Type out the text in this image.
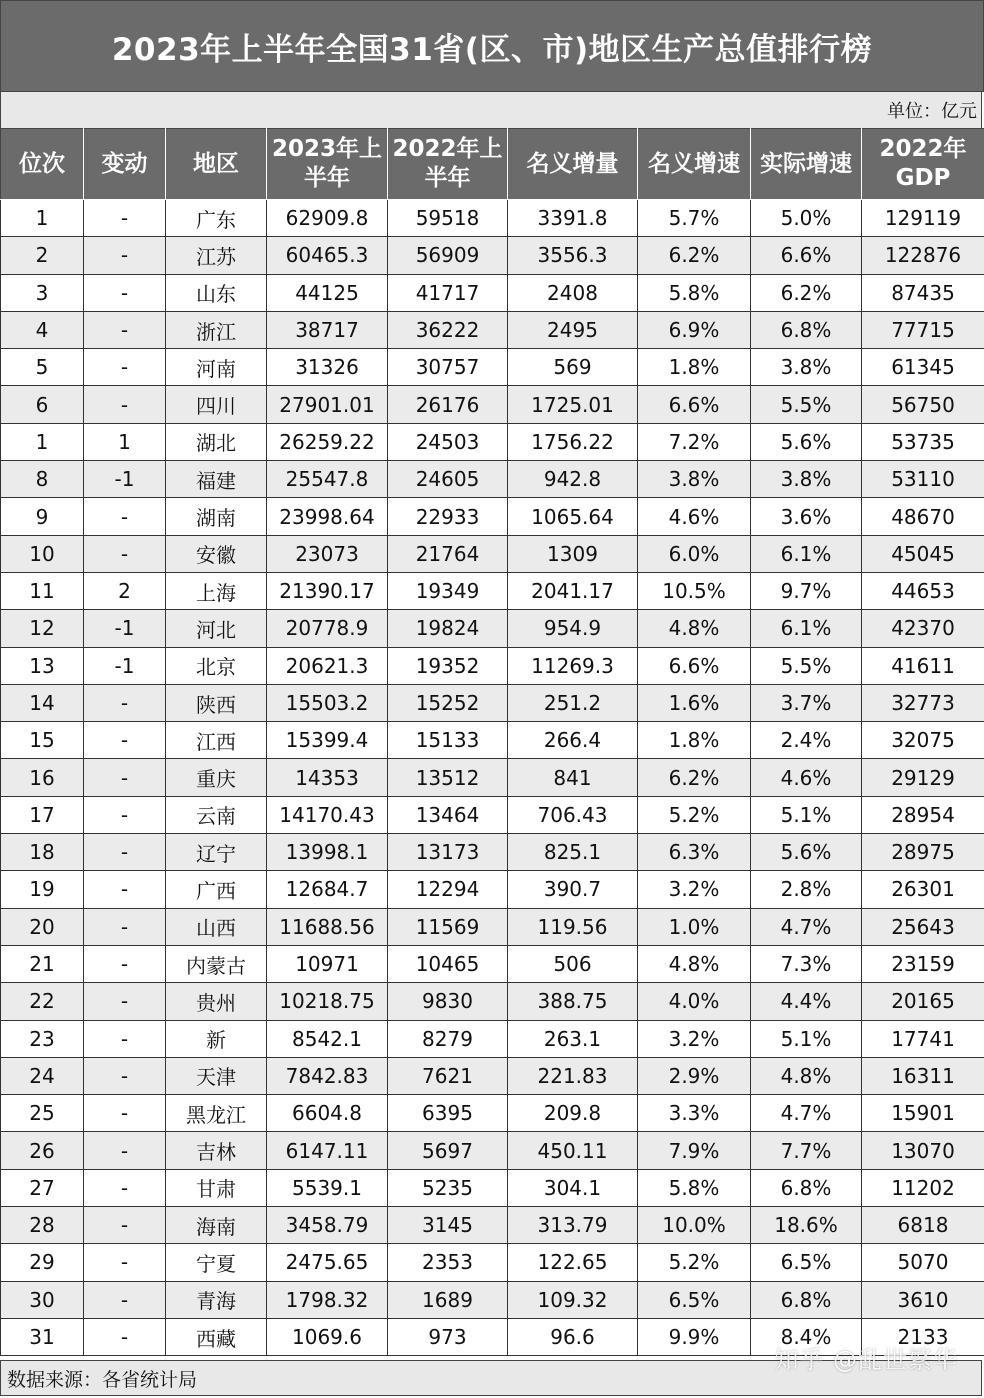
2023年上半年全国31省(区、市)地区生产总值排行榜
单位：亿元
位次	变动	地区	2023年上半年	2022年上半年	名义增量	名义增速	实际增速	2022年GDP
1	-	广东	62909.8	59518	3391.8	5.7%	5.0%	129119
2	-	江苏	60465.3	56909	3556.3	6.2%	6.6%	122876
3	-	山东	44125	41717	2408	5.8%	6.2%	87435
4	-	浙江	38717	36222	2495	6.9%	6.8%	77715
5	-	河南	31326	30757	569	1.8%	3.8%	61345
6	-	四川	27901.01	26176	1725.01	6.6%	5.5%	56750
1	1	湖北	26259.22	24503	1756.22	7.2%	5.6%	53735
8	-1	福建	25547.8	24605	942.8	3.8%	3.8%	53110
9	-	湖南	23998.64	22933	1065.64	4.6%	3.6%	48670
10	-	安徽	23073	21764	1309	6.0%	6.1%	45045
11	2	上海	21390.17	19349	2041.17	10.5%	9.7%	44653
12	-1	河北	20778.9	19824	954.9	4.8%	6.1%	42370
13	-1	北京	20621.3	19352	11269.3	6.6%	5.5%	41611
14	-	陕西	15503.2	15252	251.2	1.6%	3.7%	32773
15	-	江西	15399.4	15133	266.4	1.8%	2.4%	32075
16	-	重庆	14353	13512	841	6.2%	4.6%	29129
17	-	云南	14170.43	13464	706.43	5.2%	5.1%	28954
18	-	辽宁	13998.1	13173	825.1	6.3%	5.6%	28975
19	-	广西	12684.7	12294	390.7	3.2%	2.8%	26301
20	-	山西	11688.56	11569	119.56	1.0%	4.7%	25643
21	-	内蒙古	10971	10465	506	4.8%	7.3%	23159
22	-	贵州	10218.75	9830	388.75	4.0%	4.4%	20165
23	-	新	8542.1	8279	263.1	3.2%	5.1%	17741
24	-	天津	7842.83	7621	221.83	2.9%	4.8%	16311
25	-	黑龙江	6604.8	6395	209.8	3.3%	4.7%	15901
26	-	吉林	6147.11	5697	450.11	7.9%	7.7%	13070
27	-	甘肃	5539.1	5235	304.1	5.8%	6.8%	11202
28	-	海南	3458.79	3145	313.79	10.0%	18.6%	6818
29	-	宁夏	2475.65	2353	122.65	5.2%	6.5%	5070
30	-	青海	1798.32	1689	109.32	6.5%	6.8%	3610
31	-	西藏	1069.6	973	96.6	9.9%	8.4%	2133
数据来源：各省统计局
知乎 @乱世繁华
